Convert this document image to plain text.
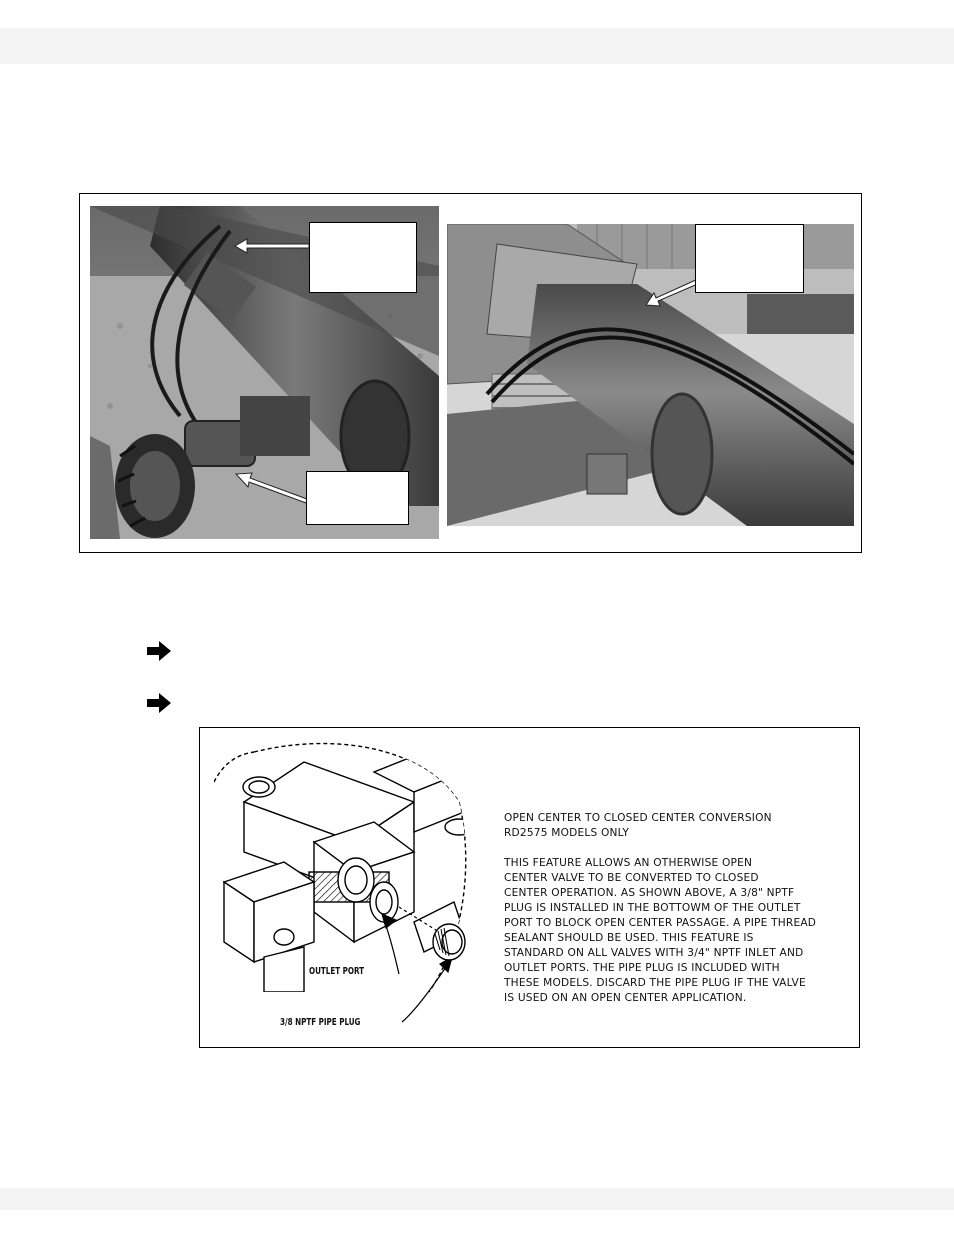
OUTLET PORT
3/8 NPTF PIPE PLUG

OPEN CENTER TO CLOSED CENTER CONVERSION
RD2575 MODELS ONLY

THIS FEATURE ALLOWS AN OTHERWISE OPEN
CENTER VALVE TO BE CONVERTED TO CLOSED
CENTER OPERATION. AS SHOWN ABOVE, A 3/8" NPTF
PLUG IS INSTALLED IN THE BOTTOWM OF THE OUTLET
PORT TO BLOCK OPEN CENTER PASSAGE. A PIPE THREAD
SEALANT SHOULD BE USED. THIS FEATURE IS
STANDARD ON ALL VALVES WITH 3/4" NPTF INLET AND
OUTLET PORTS. THE PIPE PLUG IS INCLUDED WITH
THESE MODELS. DISCARD THE PIPE PLUG IF THE VALVE
IS USED ON AN OPEN CENTER APPLICATION.
